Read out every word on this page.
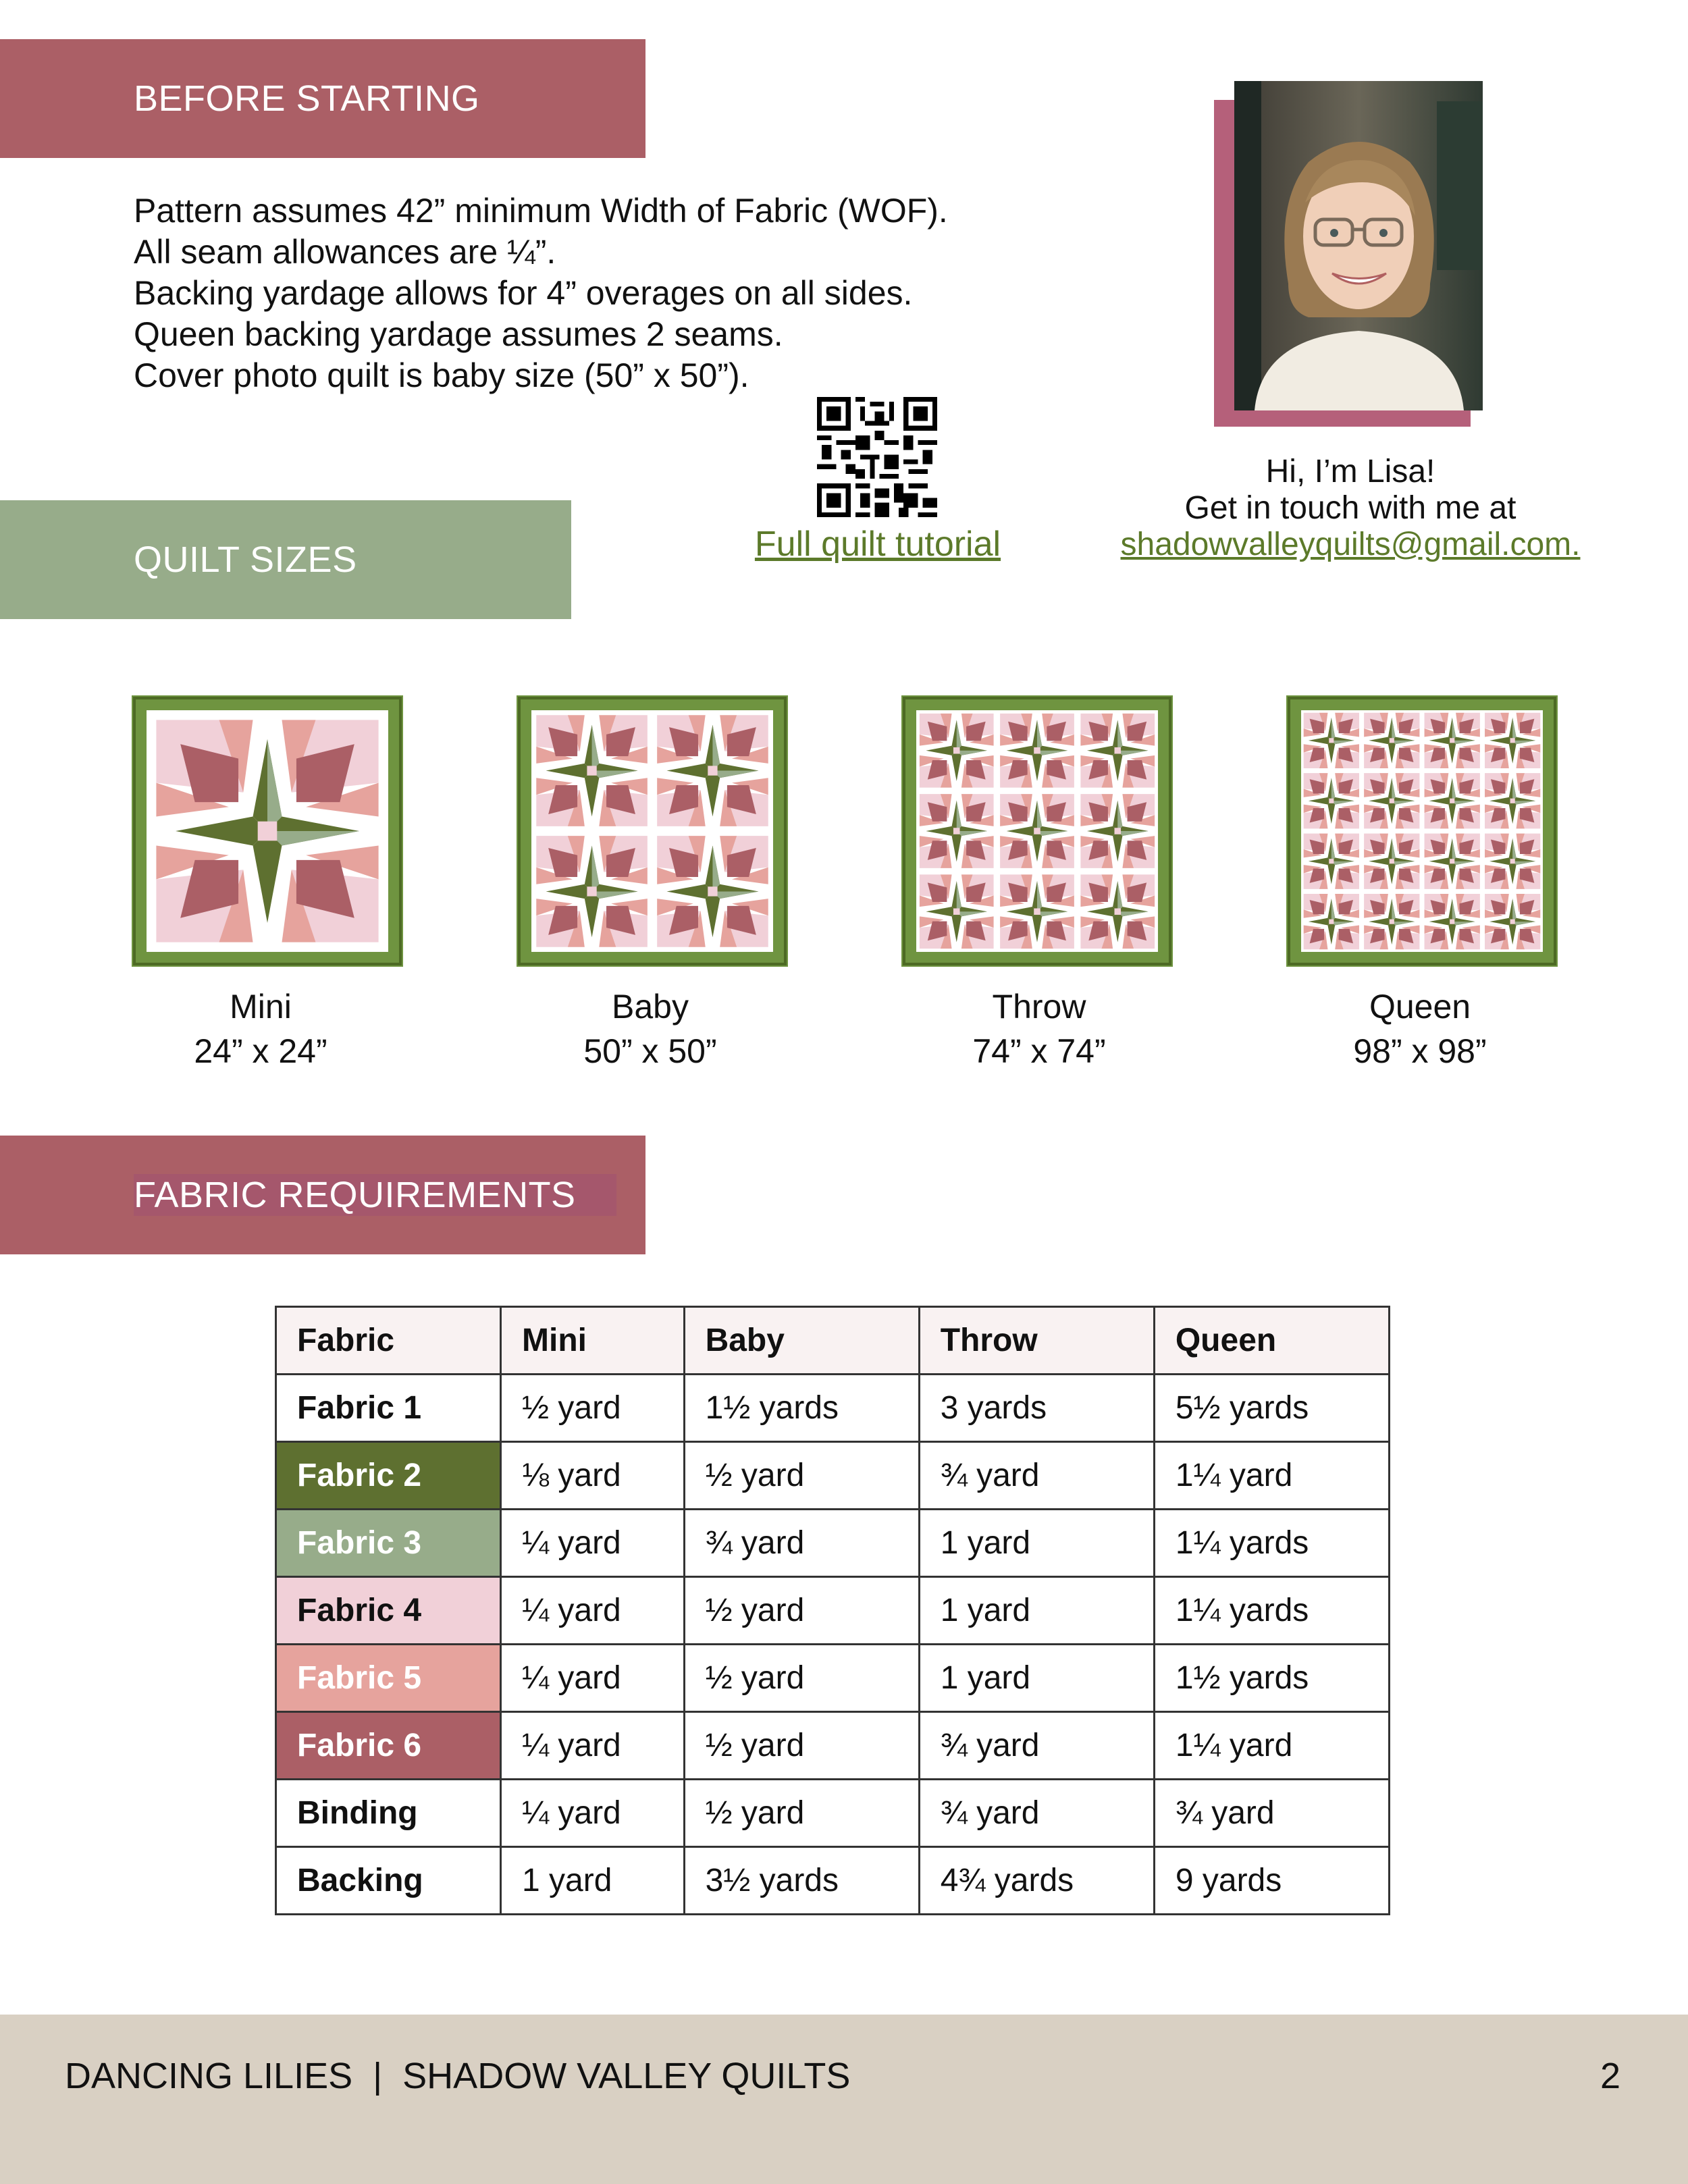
BEFORE STARTING
Pattern assumes 42” minimum Width of Fabric (WOF).
All seam allowances are ¼”.
Backing yardage allows for 4” overages on all sides.
Queen backing yardage assumes 2 seams.
Cover photo quilt is baby size (50” x 50”).
Full quilt tutorial
Hi, I’m Lisa!
Get in touch with me at
shadowvalleyquilts@gmail.com.
QUILT SIZES
Mini
24” x 24”
Baby
50” x 50”
Throw
74” x 74”
Queen
98” x 98”
FABRIC REQUIREMENTS
Fabric	Mini	Baby	Throw	Queen
Fabric 1	½ yard	1½ yards	3 yards	5½ yards
Fabric 2	⅛ yard	½ yard	¾ yard	1¼ yard
Fabric 3	¼ yard	¾ yard	1 yard	1¼ yards
Fabric 4	¼ yard	½ yard	1 yard	1¼ yards
Fabric 5	¼ yard	½ yard	1 yard	1½ yards
Fabric 6	¼ yard	½ yard	¾ yard	1¼ yard
Binding	¼ yard	½ yard	¾ yard	¾ yard
Backing	1 yard	3½ yards	4¾ yards	9 yards
DANCING LILIES  |  SHADOW VALLEY QUILTS	2
